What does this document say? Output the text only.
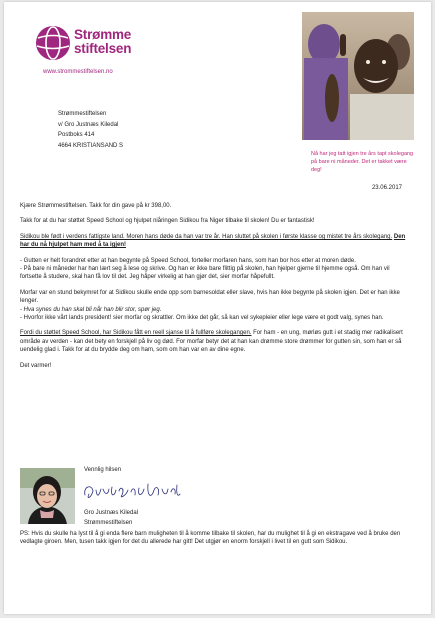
Strømme
stiftelsen
www.strommestiftelsen.no
Nå har jeg tatt igjen tre års tapt skolegang på bare ni måneder. Det er takket være deg!
Strømmestiftelsen
v/ Gro Justnæs Kiledal
Postboks 414
4664 KRISTIANSAND S
23.06.2017

Kjære Strømmestiftelsen. Takk for din gave på kr 398,00.

Takk for at du har støttet Speed School og hjulpet niåringen Sidikou fra Niger tilbake til skolen! Du er fantastisk!

Sidikou ble født i verdens fattigste land. Moren hans døde da han var tre år. Han sluttet på skolen i første klasse og mistet tre års skolegang. Den har du nå hjulpet ham med å ta igjen!

- Gutten er helt forandret etter at han begynte på Speed School, forteller morfaren hans, som han bor hos etter at moren døde.
- På bare ni måneder har han lært seg å lese og skrive. Og han er ikke bare flittig på skolen, han hjelper gjerne til hjemme også. Om han vil fortsette å studere, skal han få lov til det. Jeg håper virkelig at han gjør det, sier morfar håpefullt.

Morfar var en stund bekymret for at Sidikou skulle ende opp som barnesoldat eller slave, hvis han ikke begynte på skolen igjen. Det er han ikke lenger.
- Hva synes du han skal bli når han blir stor, spør jeg.
- Hvorfor ikke vårt lands president! sier morfar og skrattler. Om ikke det går, så kan vel sykepleier eller lege være et godt valg, synes han.

Fordi du støttet Speed School, har Sidikou fått en reell sjanse til å fullføre skolegangen. For ham - en ung, mørløs gutt i et stadig mer radikalisert område av verden - kan det bety en forskjell på liv og død. For morfar betyr det at han kan drømme store drømmer for gutten sin, som han er så uendelig glad i. Takk for at du brydde deg om ham, som om han var en av dine egne.

Det varmer!

Vennlig hilsen
Gro Justnæs Kiledal
Strømmestiftelsen

PS: Hvis du skulle ha lyst til å gi enda flere barn muligheten til å komme tilbake til skolen, har du mulighet til å gi en ekstragave ved å bruke den vedlagte giroen. Men, tusen takk igjen for det du allerede har gitt! Det utgjør en enorm forskjell i livet til en gutt som Sidikou.
